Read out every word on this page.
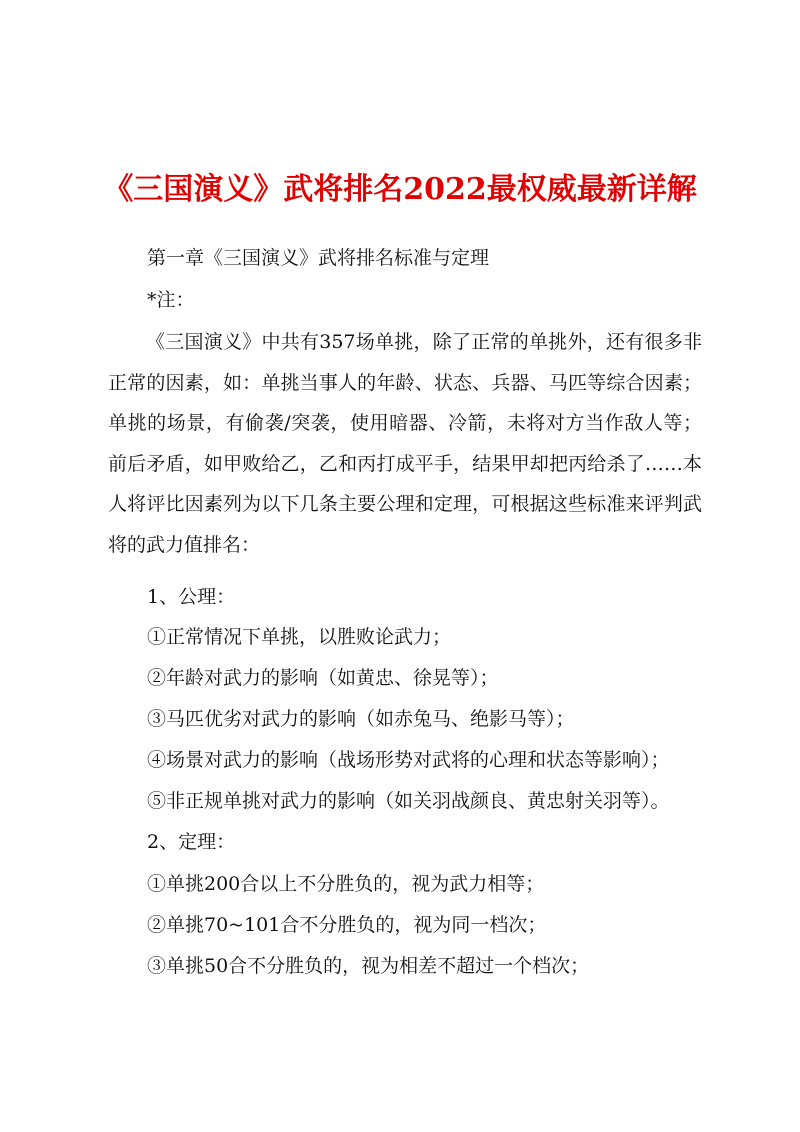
《三国演义》武将排名2022最权威最新详解
第一章《三国演义》武将排名标准与定理
*注：
《三国演义》中共有357场单挑，除了正常的单挑外，还有很多非正常的因素，如：单挑当事人的年龄、状态、兵器、马匹等综合因素；单挑的场景，有偷袭/突袭，使用暗器、冷箭，未将对方当作敌人等；前后矛盾，如甲败给乙，乙和丙打成平手，结果甲却把丙给杀了……本人将评比因素列为以下几条主要公理和定理，可根据这些标准来评判武将的武力值排名：
1、公理：
①正常情况下单挑，以胜败论武力；
②年龄对武力的影响（如黄忠、徐晃等）；
③马匹优劣对武力的影响（如赤兔马、绝影马等）；
④场景对武力的影响（战场形势对武将的心理和状态等影响）；
⑤非正规单挑对武力的影响（如关羽战颜良、黄忠射关羽等）。
2、定理：
①单挑200合以上不分胜负的，视为武力相等；
②单挑70~101合不分胜负的，视为同一档次；
③单挑50合不分胜负的，视为相差不超过一个档次；
